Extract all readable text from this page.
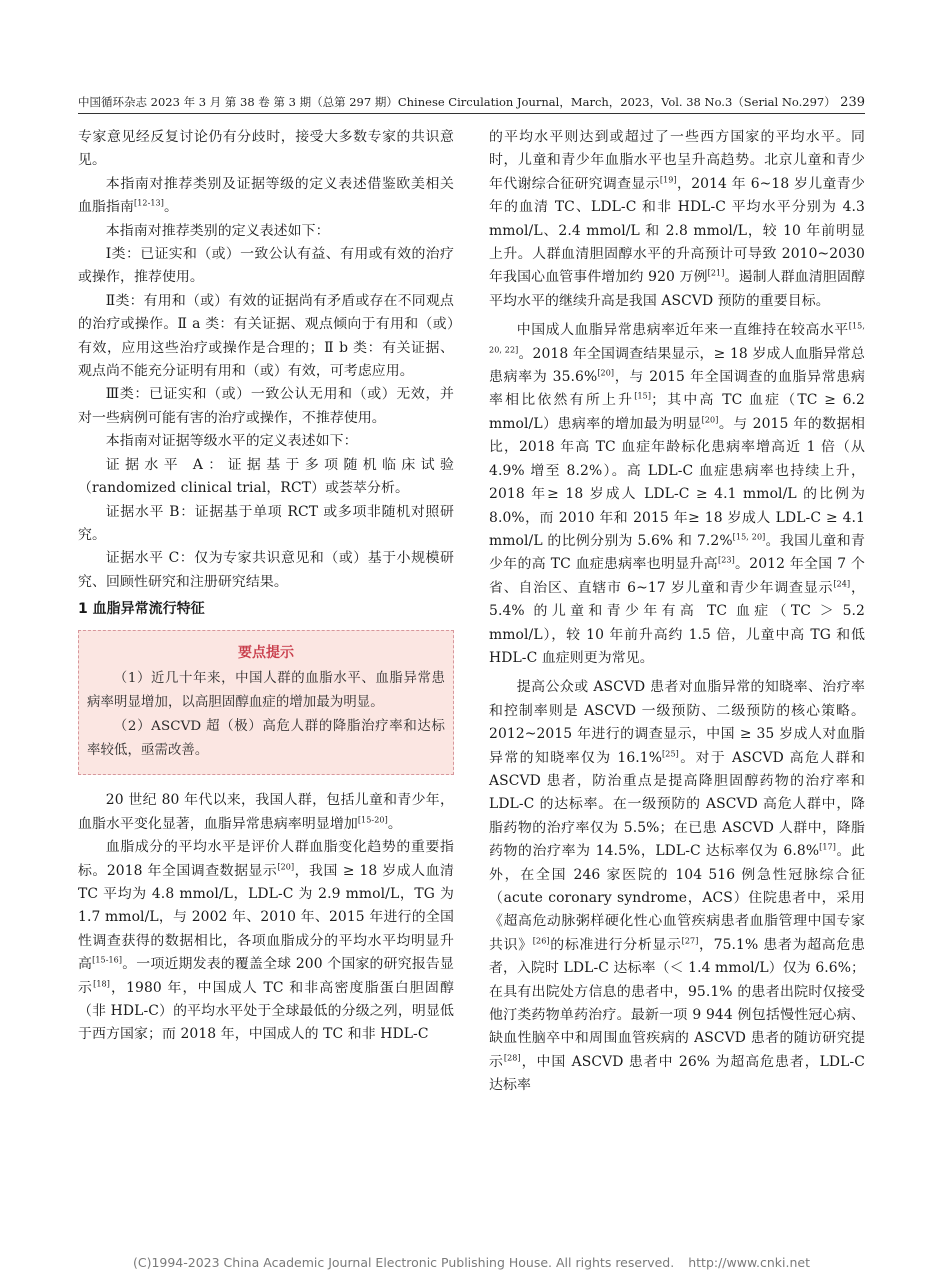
中国循环杂志 2023 年 3 月 第 38 卷 第 3 期（总第 297 期）Chinese Circulation Journal，March，2023，Vol. 38 No.3（Serial No.297） 239

专家意见经反复讨论仍有分歧时，接受大多数专家的共识意见。

本指南对推荐类别及证据等级的定义表述借鉴欧美相关血脂指南[12-13]。

本指南对推荐类别的定义表述如下：

Ⅰ类：已证实和（或）一致公认有益、有用或有效的治疗或操作，推荐使用。

Ⅱ类：有用和（或）有效的证据尚有矛盾或存在不同观点的治疗或操作。Ⅱ a 类：有关证据、观点倾向于有用和（或）有效，应用这些治疗或操作是合理的；Ⅱ b 类：有关证据、观点尚不能充分证明有用和（或）有效，可考虑应用。

Ⅲ类：已证实和（或）一致公认无用和（或）无效，并对一些病例可能有害的治疗或操作，不推荐使用。

本指南对证据等级水平的定义表述如下：

证据水平 A：证据基于多项随机临床试验（randomized clinical trial，RCT）或荟萃分析。

证据水平 B：证据基于单项 RCT 或多项非随机对照研究。

证据水平 C：仅为专家共识意见和（或）基于小规模研究、回顾性研究和注册研究结果。

1 血脂异常流行特征
要点提示

（1）近几十年来，中国人群的血脂水平、血脂异常患病率明显增加，以高胆固醇血症的增加最为明显。

（2）ASCVD 超（极）高危人群的降脂治疗率和达标率较低，亟需改善。

20 世纪 80 年代以来，我国人群，包括儿童和青少年，血脂水平变化显著，血脂异常患病率明显增加[15-20]。

血脂成分的平均水平是评价人群血脂变化趋势的重要指标。2018 年全国调查数据显示[20]，我国 ≥ 18 岁成人血清 TC 平均为 4.8 mmol/L，LDL-C 为 2.9 mmol/L，TG 为 1.7 mmol/L，与 2002 年、2010 年、2015 年进行的全国性调查获得的数据相比，各项血脂成分的平均水平均明显升高[15-16]。一项近期发表的覆盖全球 200 个国家的研究报告显示[18]，1980 年，中国成人 TC 和非高密度脂蛋白胆固醇（非 HDL-C）的平均水平处于全球最低的分级之列，明显低于西方国家；而 2018 年，中国成人的 TC 和非 HDL-C

的平均水平则达到或超过了一些西方国家的平均水平。同时，儿童和青少年血脂水平也呈升高趋势。北京儿童和青少年代谢综合征研究调查显示[19]，2014 年 6~18 岁儿童青少年的血清 TC、LDL-C 和非 HDL-C 平均水平分别为 4.3 mmol/L、2.4 mmol/L 和 2.8 mmol/L，较 10 年前明显上升。人群血清胆固醇水平的升高预计可导致 2010~2030 年我国心血管事件增加约 920 万例[21]。遏制人群血清胆固醇平均水平的继续升高是我国 ASCVD 预防的重要目标。

中国成人血脂异常患病率近年来一直维持在较高水平[15, 20, 22]。2018 年全国调查结果显示，≥ 18 岁成人血脂异常总患病率为 35.6%[20]，与 2015 年全国调查的血脂异常患病率相比依然有所上升[15]；其中高 TC 血症（TC ≥ 6.2 mmol/L）患病率的增加最为明显[20]。与 2015 年的数据相比，2018 年高 TC 血症年龄标化患病率增高近 1 倍（从 4.9% 增至 8.2%）。高 LDL-C 血症患病率也持续上升，2018 年≥ 18 岁成人 LDL-C ≥ 4.1 mmol/L 的比例为 8.0%，而 2010 年和 2015 年≥ 18 岁成人 LDL-C ≥ 4.1 mmol/L 的比例分别为 5.6% 和 7.2%[15, 20]。我国儿童和青少年的高 TC 血症患病率也明显升高[23]。2012 年全国 7 个省、自治区、直辖市 6~17 岁儿童和青少年调查显示[24]，5.4% 的儿童和青少年有高 TC 血症（TC ＞ 5.2 mmol/L），较 10 年前升高约 1.5 倍，儿童中高 TG 和低 HDL-C 血症则更为常见。

提高公众或 ASCVD 患者对血脂异常的知晓率、治疗率和控制率则是 ASCVD 一级预防、二级预防的核心策略。2012~2015 年进行的调查显示，中国 ≥ 35 岁成人对血脂异常的知晓率仅为 16.1%[25]。对于 ASCVD 高危人群和 ASCVD 患者，防治重点是提高降胆固醇药物的治疗率和 LDL-C 的达标率。在一级预防的 ASCVD 高危人群中，降脂药物的治疗率仅为 5.5%；在已患 ASCVD 人群中，降脂药物的治疗率为 14.5%，LDL-C 达标率仅为 6.8%[17]。此外，在全国 246 家医院的 104 516 例急性冠脉综合征（acute coronary syndrome，ACS）住院患者中，采用《超高危动脉粥样硬化性心血管疾病患者血脂管理中国专家共识》[26]的标准进行分析显示[27]，75.1% 患者为超高危患者，入院时 LDL-C 达标率（＜ 1.4 mmol/L）仅为 6.6%；在具有出院处方信息的患者中，95.1% 的患者出院时仅接受他汀类药物单药治疗。最新一项 9 944 例包括慢性冠心病、缺血性脑卒中和周围血管疾病的 ASCVD 患者的随访研究提示[28]，中国 ASCVD 患者中 26% 为超高危患者，LDL-C 达标率

(C)1994-2023 China Academic Journal Electronic Publishing House. All rights reserved. http://www.cnki.net
